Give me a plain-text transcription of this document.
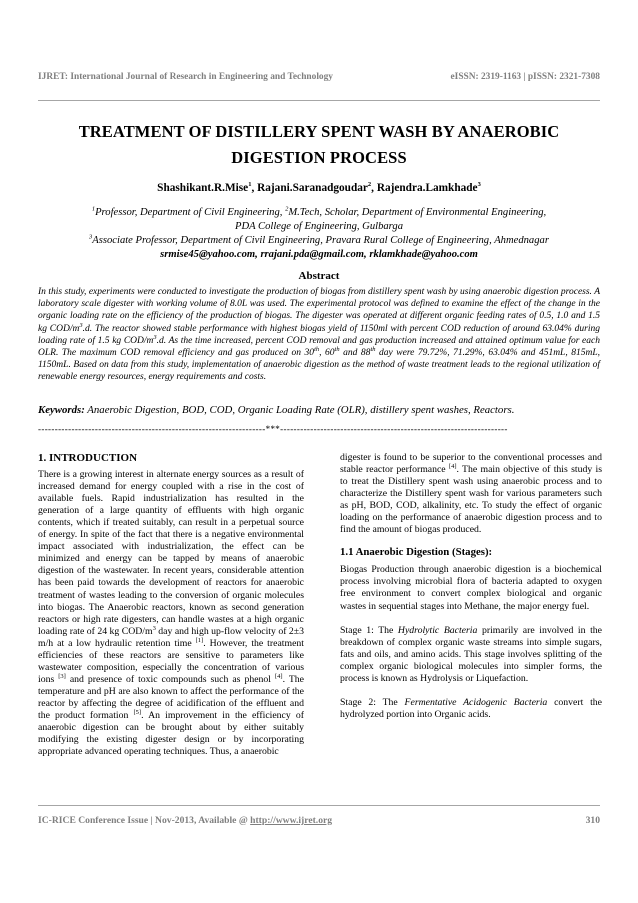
IJRET: International Journal of Research in Engineering and Technology	eISSN: 2319-1163 | pISSN: 2321-7308
TREATMENT OF DISTILLERY SPENT WASH BY ANAEROBIC
DIGESTION PROCESS
Shashikant.R.Mise$^1$, Rajani.Saranadgoudar$^2$, Rajendra.Lamkhade$^3$
$^1$Professor, Department of Civil Engineering, $^2$M.Tech, Scholar, Department of Environmental Engineering,
PDA College of Engineering, Gulbarga
$^3$Associate Professor, Department of Civil Engineering, Pravara Rural College of Engineering, Ahmednagar
srmise45@yahoo.com, rrajani.pda@gmail.com, rklamkhade@yahoo.com
Abstract
In this study, experiments were conducted to investigate the production of biogas from distillery spent wash by using anaerobic digestion process. A laboratory scale digester with working volume of 8.0L was used. The experimental protocol was defined to examine the effect of the change in the organic loading rate on the efficiency of the production of biogas. The digester was operated at different organic feeding rates of 0.5, 1.0 and 1.5 kg COD/$m^3.d$. The reactor showed stable performance with highest biogas yield of 1150ml with percent COD reduction of around 63.04% during loading rate of 1.5 kg COD/$m^3.d$. As the time increased, percent COD removal and gas production increased and attained optimum value for each OLR. The maximum COD removal efficiency and gas produced on 30th, 60th and 88th day were 79.72%, 71.29%, 63.04% and 451mL, 815mL, 1150mL. Based on data from this study, implementation of anaerobic digestion as the method of waste treatment leads to the regional utilization of renewable energy resources, energy requirements and costs.
Keywords: Anaerobic Digestion, BOD, COD, Organic Loading Rate (OLR), distillery spent washes, Reactors.
--------------------------------------------------------------------***--------------------------------------------------------------------
1. INTRODUCTION

There is a growing interest in alternate energy sources as a result of increased demand for energy coupled with a rise in the cost of available fuels. Rapid industrialization has resulted in the generation of a large quantity of effluents with high organic contents, which if treated suitably, can result in a perpetual source of energy. In spite of the fact that there is a negative environmental impact associated with industrialization, the effect can be minimized and energy can be tapped by means of anaerobic digestion of the wastewater. In recent years, considerable attention has been paid towards the development of reactors for anaerobic treatment of wastes leading to the conversion of organic molecules into biogas. The Anaerobic reactors, known as second generation reactors or high rate digesters, can handle wastes at a high organic loading rate of 24 kg COD/$m^3$ day and high up-flow velocity of 2±3 m/h at a low hydraulic retention time [1]. However, the treatment efficiencies of these reactors are sensitive to parameters like wastewater composition, especially the concentration of various ions [3] and presence of toxic compounds such as phenol [4]. The temperature and pH are also known to affect the performance of the reactor by affecting the degree of acidification of the effluent and the product formation [5]. An improvement in the efficiency of anaerobic digestion can be brought about by either suitably modifying the existing digester design or by incorporating appropriate advanced operating techniques. Thus, a anaerobic

digester is found to be superior to the conventional processes and stable reactor performance [4]. The main objective of this study is to treat the Distillery spent wash using anaerobic process and to characterize the Distillery spent wash for various parameters such as pH, BOD, COD, alkalinity, etc. To study the effect of organic loading on the performance of anaerobic digestion process and to find the amount of biogas produced.

1.1 Anaerobic Digestion (Stages):

Biogas Production through anaerobic digestion is a biochemical process involving microbial flora of bacteria adapted to oxygen free environment to convert complex biological and organic wastes in sequential stages into Methane, the major energy fuel.

Stage 1: The Hydrolytic Bacteria primarily are involved in the breakdown of complex organic waste streams into simple sugars, fats and oils, and amino acids. This stage involves splitting of the complex organic biological molecules into simpler forms, the process is known as Hydrolysis or Liquefaction.

Stage 2: The Fermentative Acidogenic Bacteria convert the hydrolyzed portion into Organic acids.

IC-RICE Conference Issue | Nov-2013, Available @ http://www.ijret.org	310
